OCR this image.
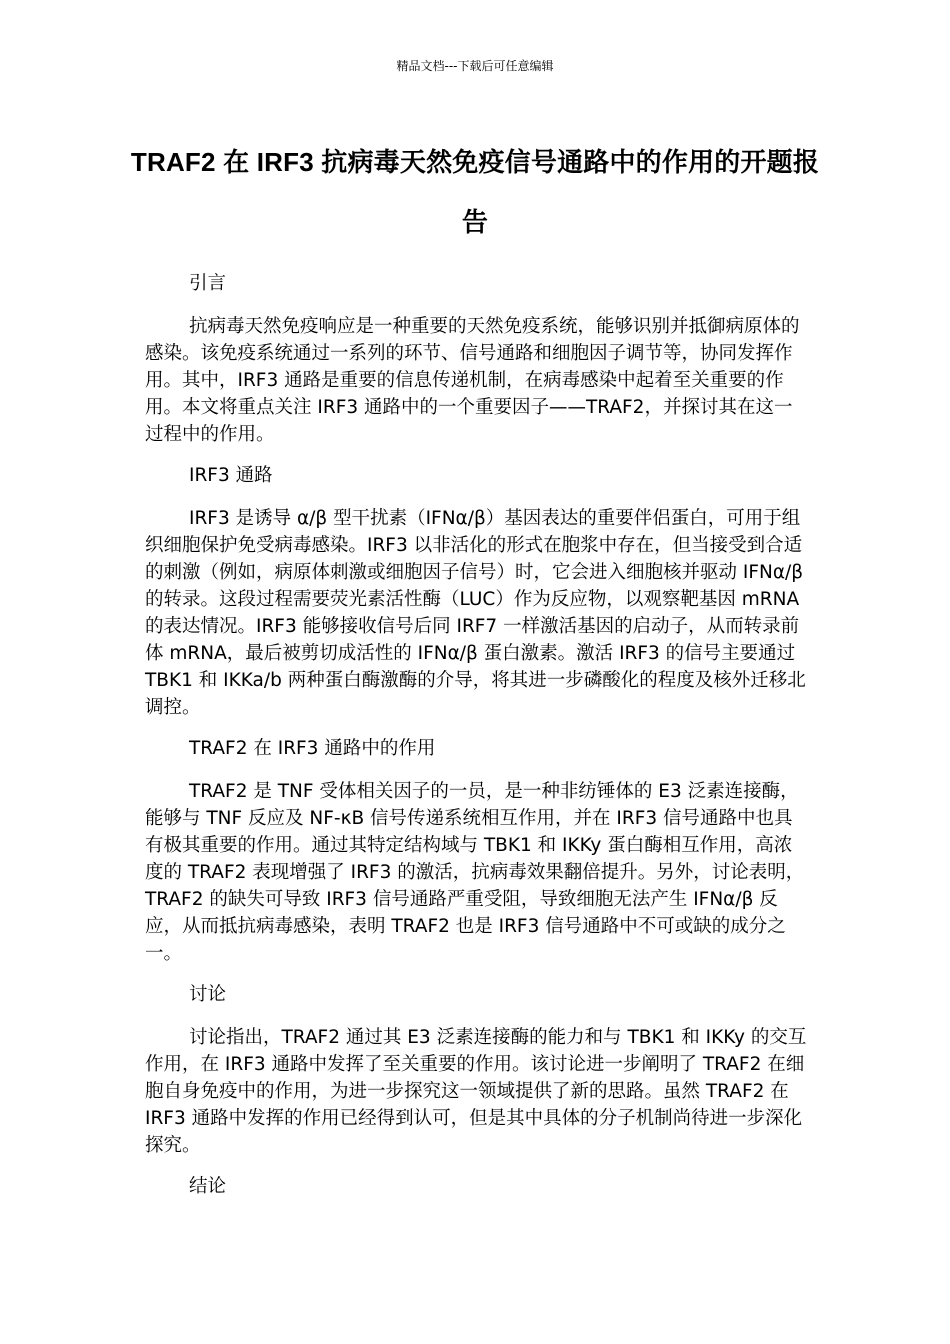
精品文档---下载后可任意编辑
TRAF2 在 IRF3 抗病毒天然免疫信号通路中的作用的开题报告
引言
抗病毒天然免疫响应是一种重要的天然免疫系统，能够识别并抵御病原体的感染。该免疫系统通过一系列的环节、信号通路和细胞因子调节等，协同发挥作用。其中，IRF3 通路是重要的信息传递机制，在病毒感染中起着至关重要的作用。本文将重点关注 IRF3 通路中的一个重要因子——TRAF2，并探讨其在这一过程中的作用。
IRF3 通路
IRF3 是诱导 α/β 型干扰素（IFNα/β）基因表达的重要伴侣蛋白，可用于组织细胞保护免受病毒感染。IRF3 以非活化的形式在胞浆中存在，但当接受到合适的刺激（例如，病原体刺激或细胞因子信号）时，它会进入细胞核并驱动 IFNα/β 的转录。这段过程需要荧光素活性酶（LUC）作为反应物，以观察靶基因 mRNA 的表达情况。IRF3 能够接收信号后同 IRF7 一样激活基因的启动子，从而转录前体 mRNA，最后被剪切成活性的 IFNα/β 蛋白激素。激活 IRF3 的信号主要通过 TBK1 和 IKKa/b 两种蛋白酶激酶的介导，将其进一步磷酸化的程度及核外迁移北调控。
TRAF2 在 IRF3 通路中的作用
TRAF2 是 TNF 受体相关因子的一员，是一种非纺锤体的 E3 泛素连接酶，能够与 TNF 反应及 NF-κB 信号传递系统相互作用，并在 IRF3 信号通路中也具有极其重要的作用。通过其特定结构域与 TBK1 和 IKKy 蛋白酶相互作用，高浓度的 TRAF2 表现增强了 IRF3 的激活，抗病毒效果翻倍提升。另外，讨论表明，TRAF2 的缺失可导致 IRF3 信号通路严重受阻，导致细胞无法产生 IFNα/β 反应，从而抵抗病毒感染，表明 TRAF2 也是 IRF3 信号通路中不可或缺的成分之一。
讨论
讨论指出，TRAF2 通过其 E3 泛素连接酶的能力和与 TBK1 和 IKKy 的交互作用，在 IRF3 通路中发挥了至关重要的作用。该讨论进一步阐明了 TRAF2 在细胞自身免疫中的作用，为进一步探究这一领域提供了新的思路。虽然 TRAF2 在 IRF3 通路中发挥的作用已经得到认可，但是其中具体的分子机制尚待进一步深化探究。
结论
